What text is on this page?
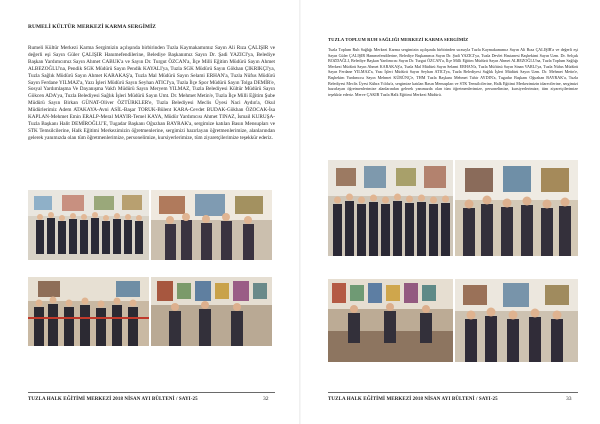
RUMELİ KÜLTÜR MERKEZİ KARMA SERGİMİZ
Rumeli Kültür Merkezi Karma Sergimizin açılışında birbirinden Tuzla Kaymakamımız Sayın Ali Rıza ÇALIŞIR ve değerli eşi Sayın Güler ÇALIŞIR Hanımefendilerine, Belediye Başkanımız Sayın Dr. Şadi YAZICI'ya, Belediye Başkan Yardımcımız Sayın Ahmet CABUK'a ve Sayın Dr. Turgut ÖZCAN'a, İlçe Milli Eğitim Müdürü Sayın Ahmet ALBEZOĞLU'na, Pendik SGK Müdürü Sayın Pendik KAYALI'ya, Tuzla SGK Müdürü Sayın Gökhan ÇIKRIKÇI'ya, Tuzla Sağlık Müdürü Sayın Ahmet KARAKAŞ'a, Tuzla Mal Müdürü Sayın Selami ERHAN'a, Tuzla Nüfus Müdürü Sayın Ferdane YILMAZ'a, Yazı İşleri Müdürü Sayın Seyhan ATICI'ya, Tuzla İlçe Spor Müdürü Sayın Tolga DEMİR'e, Sosyal Yardımlaşma Ve Dayanışma Vakfı Müdürü Sayın Meryem YILMAZ, Tuzla Belediyesi Kültür Müdürü Sayın Gökcen ADA'ya, Tuzla Belediyesi Sağlık İşleri Müdürü Sayın Umt. Dr. Mehmet Metin'e, Tuzla İlçe Milli Eğitim Şube Müdürü Sayın Birkan GÜNAT-Oliver ÖZTÜRKLER'e, Tuzla Belediyesi Meclis Üyesi Naci Aydın'a, Okul Müdürlerimiz Adem ATAKAYA-Avni ASİL-Başar TORUK-Bülent KARA-Cevdet BUDAK-Gökhan ÖZOCAK-İsa KAPLAN-Mehmet Emin ERALP-Meral MAYIR-Temel KAYA, Müdür Yardımcısı Ahmet TINAZ, İsmail KURUŞA-Tuzla Başkanı Halit DEMİROĞLU'E, Tugadar Başkanı Oğuzhan BAYRAK'a, sergimize katılan Basın Mensupları ve STK Temsilcilerine, Halk Eğitimi Merkezimizin öğretmenlerine, sergimizi hazırlayan öğretmenlerimize, alanlarından gelerek yanımızda olan tüm öğretmenlerimize, personelimize, kursiyerlerimize, tüm ziyaretçilerimize teşekkür ederiz.
TUZLA HALK EĞİTİMİ MERKEZİ 2018 NİSAN AYI BÜLTENİ / SAYI-25	32
TUZLA TOPLUM RUH SAĞLIĞI MERKEZİ KARMA SERGİMİZ
Tuzla Toplum Ruh Sağlığı Merkezi Karma sergimizin açılışında birbirinden sırasıyla Tuzla Kaymakamımız Sayın Ali Rıza ÇALIŞIR'a ve değerli eşi Sayın Güler ÇALIŞIR Hanımefendilerine, Belediye Başkanımız Sayın Dr. Şadi YAZICI'ya, Tuzla Devlet Hastanesi Başhekimi Sayın Uzm. Dr. Selçuk BOZDAĞLI, Belediye Başkan Yardımcısı Sayın Dr. Turgut ÖZCAN'a, İlçe Milli Eğitim Müdürü Sayın Ahmet ALBEZOĞLU'na, Tuzla Toplum Sağlığı Merkezi Müdürü Sayın Ahmet KARAKAŞ'a, Tuzla Mal Müdürü Sayın Selami ERHAN'a, Tuzla Müftüsü Sayın Sinan VARLI'ya, Tuzla Nüfus Müdürü Sayın Ferdane YILMAZ'a, Yazı İşleri Müdürü Sayın Seyhan ATICI'ya, Tuzla Belediyesi Sağlık İşleri Müdürü Sayın Uzm. Dr. Mehmet Metin'e, Başhekim Yardımcısı Sayın Mehmet KÜRÜNÇ'e, THM Tuzla Başkanı Mehmet Tahir AYDIN'a, Tugadar Başkanı Oğuzhan BAYRAK'a, Tuzla Belediyesi Meclis Üyesi Kübra Yıldız'a, sergimize katılan Basın Mensupları ve STK Temsilcilerine, Halk Eğitimi Merkezimizin idarecilerine, sergimizi hazırlayan öğretmenlerimize alanlarından gelerek yanımızda olan tüm öğretmenlerimize, personelimize, kursiyerlerimize, tüm ziyaretçilerimize teşekkür ederiz. Merve ÇAKIR Tuzla Halk Eğitimi Merkezi Müdürü.
TUZLA HALK EĞİTİMİ MERKEZİ 2018 NİSAN AYI BÜLTENİ / SAYI-25	33
